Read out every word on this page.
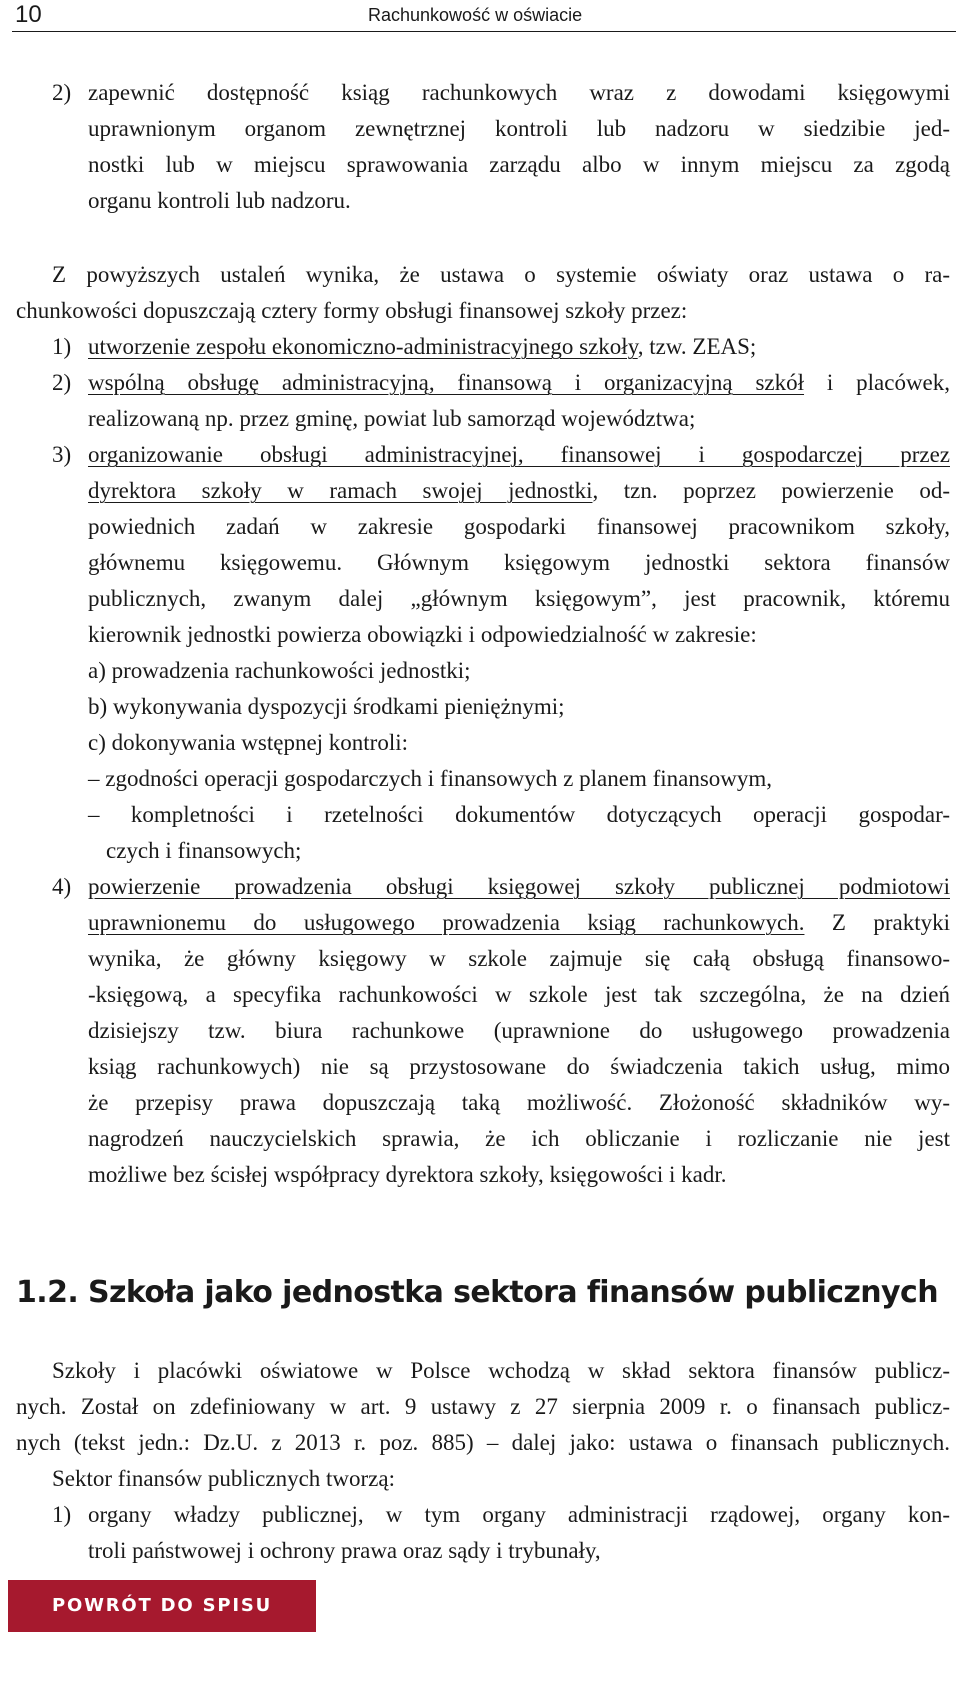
10	Rachunkowość w oświacie
2) zapewnić dostępność ksiąg rachunkowych wraz z dowodami księgowymi
uprawnionym organom zewnętrznej kontroli lub nadzoru w siedzibie jed-
nostki lub w miejscu sprawowania zarządu albo w innym miejscu za zgodą
organu kontroli lub nadzoru.
Z powyższych ustaleń wynika, że ustawa o systemie oświaty oraz ustawa o ra-
chunkowości dopuszczają cztery formy obsługi finansowej szkoły przez:
1) utworzenie zespołu ekonomiczno-administracyjnego szkoły, tzw. ZEAS;
2) wspólną obsługę administracyjną, finansową i organizacyjną szkół i placówek,
realizowaną np. przez gminę, powiat lub samorząd województwa;
3) organizowanie obsługi administracyjnej, finansowej i gospodarczej przez
dyrektora szkoły w ramach swojej jednostki, tzn. poprzez powierzenie od-
powiednich zadań w zakresie gospodarki finansowej pracownikom szkoły,
głównemu księgowemu. Głównym księgowym jednostki sektora finansów
publicznych, zwanym dalej „głównym księgowym”, jest pracownik, któremu
kierownik jednostki powierza obowiązki i odpowiedzialność w zakresie:
a) prowadzenia rachunkowości jednostki;
b) wykonywania dyspozycji środkami pieniężnymi;
c) dokonywania wstępnej kontroli:
– zgodności operacji gospodarczych i finansowych z planem finansowym,
– kompletności i rzetelności dokumentów dotyczących operacji gospodar-
czych i finansowych;
4) powierzenie prowadzenia obsługi księgowej szkoły publicznej podmiotowi
uprawnionemu do usługowego prowadzenia ksiąg rachunkowych. Z praktyki
wynika, że główny księgowy w szkole zajmuje się całą obsługą finansowo-
-księgową, a specyfika rachunkowości w szkole jest tak szczególna, że na dzień
dzisiejszy tzw. biura rachunkowe (uprawnione do usługowego prowadzenia
ksiąg rachunkowych) nie są przystosowane do świadczenia takich usług, mimo
że przepisy prawa dopuszczają taką możliwość. Złożoność składników wy-
nagrodzeń nauczycielskich sprawia, że ich obliczanie i rozliczanie nie jest
możliwe bez ścisłej współpracy dyrektora szkoły, księgowości i kadr.
Szkoły i placówki oświatowe w Polsce wchodzą w skład sektora finansów publicz-
nych. Został on zdefiniowany w art. 9 ustawy z 27 sierpnia 2009 r. o finansach publicz-
nych (tekst jedn.: Dz.U. z 2013 r. poz. 885) – dalej jako: ustawa o finansach publicznych.
Sektor finansów publicznych tworzą:
1) organy władzy publicznej, w tym organy administracji rządowej, organy kon-
troli państwowej i ochrony prawa oraz sądy i trybunały,
1.2. Szkoła jako jednostka sektora finansów publicznych
POWRÓT DO SPISU TREŚCI
